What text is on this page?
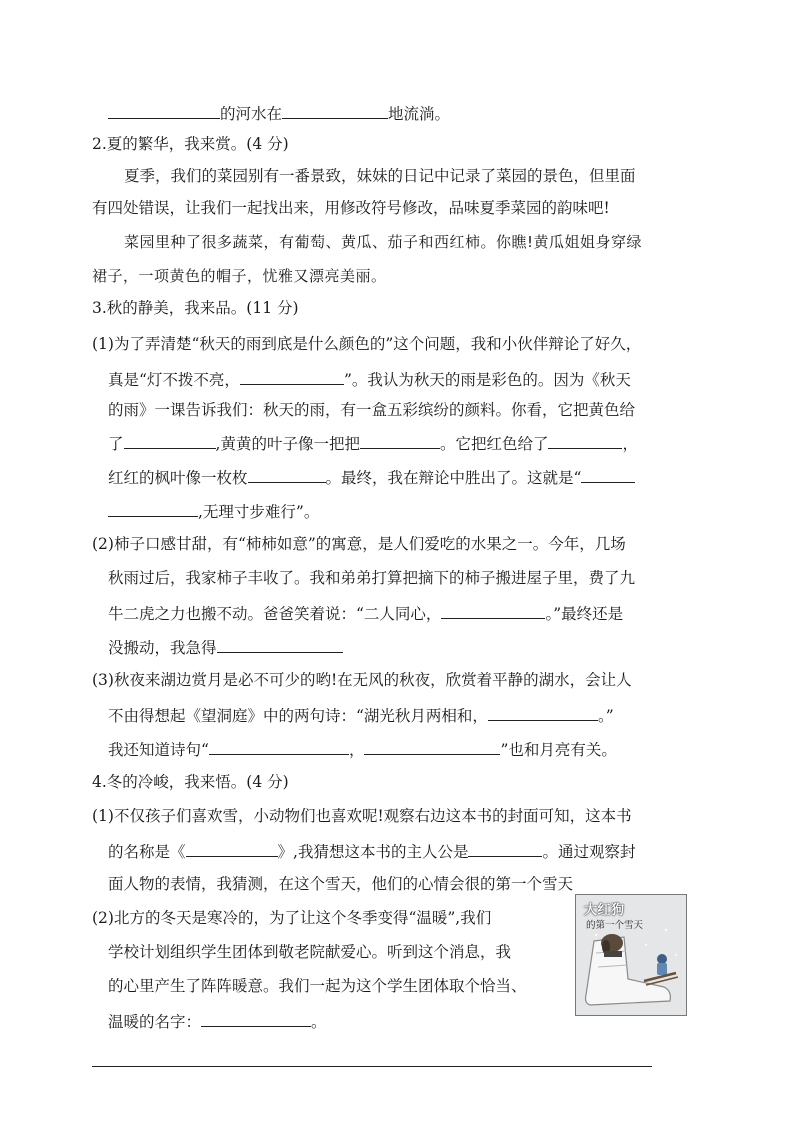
的河水在	地流淌。
2.夏的繁华，我来赏。(4 分)
夏季，我们的菜园别有一番景致，妹妹的日记中记录了菜园的景色，但里面
有四处错误，让我们一起找出来，用修改符号修改，品味夏季菜园的韵味吧!
菜园里种了很多蔬菜，有葡萄、黄瓜、茄子和西红柿。你瞧!黄瓜姐姐身穿绿
裙子，一项黄色的帽子，忧雅又漂亮美丽。
3.秋的静美，我来品。(11 分)
(1)为了弄清楚“秋天的雨到底是什么颜色的”这个问题，我和小伙伴辩论了好久，
真是“灯不拨不亮，	”。我认为秋天的雨是彩色的。因为《秋天
的雨》一课告诉我们：秋天的雨，有一盒五彩缤纷的颜料。你看，它把黄色给
了	,黄黄的叶子像一把把	。它把红色给了	，
红红的枫叶像一枚枚	。最终，我在辩论中胜出了。这就是“
,无理寸步难行”。
(2)柿子口感甘甜，有“柿柿如意”的寓意，是人们爱吃的水果之一。今年，几场
秋雨过后，我家柿子丰收了。我和弟弟打算把摘下的柿子搬进屋子里，费了九
牛二虎之力也搬不动。爸爸笑着说：“二人同心，	。”最终还是
没搬动，我急得
(3)秋夜来湖边赏月是必不可少的哟!在无风的秋夜，欣赏着平静的湖水，会让人
不由得想起《望洞庭》中的两句诗：“湖光秋月两相和，	。”
我还知道诗句“	，	”也和月亮有关。
4.冬的冷峻，我来悟。(4 分)
(1)不仅孩子们喜欢雪，小动物们也喜欢呢!观察右边这本书的封面可知，这本书
的名称是《	》,我猜想这本书的主人公是	。通过观察封
面人物的表情，我猜测，在这个雪天，他们的心情会很的第一个雪天
(2)北方的冬天是寒冷的，为了让这个冬季变得“温暖”,我们
学校计划组织学生团体到敬老院献爱心。听到这个消息，我
的心里产生了阵阵暖意。我们一起为这个学生团体取个恰当、
温暖的名字：	。
大红狗
的第一个雪天
